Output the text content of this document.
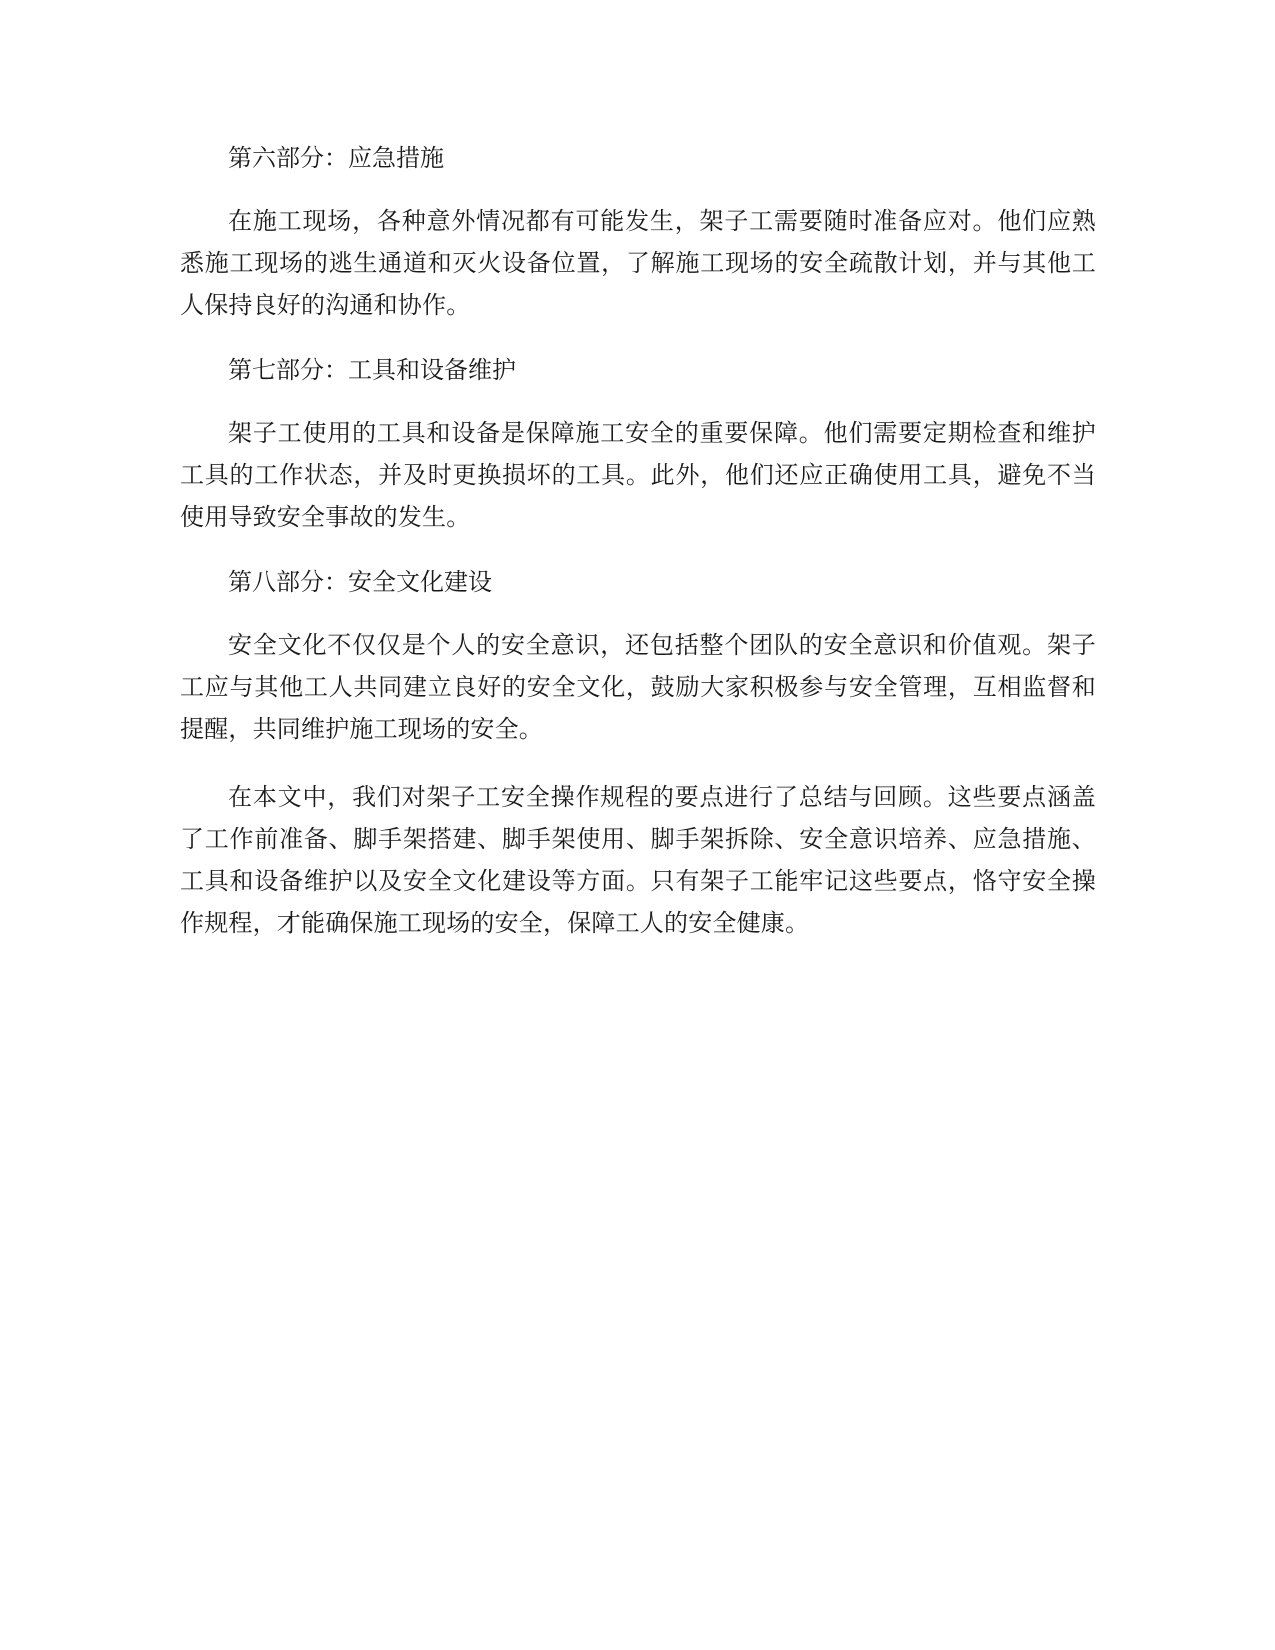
第六部分：应急措施

在施工现场，各种意外情况都有可能发生，架子工需要随时准备应对。他们应熟悉施工现场的逃生通道和灭火设备位置，了解施工现场的安全疏散计划，并与其他工人保持良好的沟通和协作。

第七部分：工具和设备维护

架子工使用的工具和设备是保障施工安全的重要保障。他们需要定期检查和维护工具的工作状态，并及时更换损坏的工具。此外，他们还应正确使用工具，避免不当使用导致安全事故的发生。

第八部分：安全文化建设

安全文化不仅仅是个人的安全意识，还包括整个团队的安全意识和价值观。架子工应与其他工人共同建立良好的安全文化，鼓励大家积极参与安全管理，互相监督和提醒，共同维护施工现场的安全。

在本文中，我们对架子工安全操作规程的要点进行了总结与回顾。这些要点涵盖了工作前准备、脚手架搭建、脚手架使用、脚手架拆除、安全意识培养、应急措施、工具和设备维护以及安全文化建设等方面。只有架子工能牢记这些要点，恪守安全操作规程，才能确保施工现场的安全，保障工人的安全健康。
